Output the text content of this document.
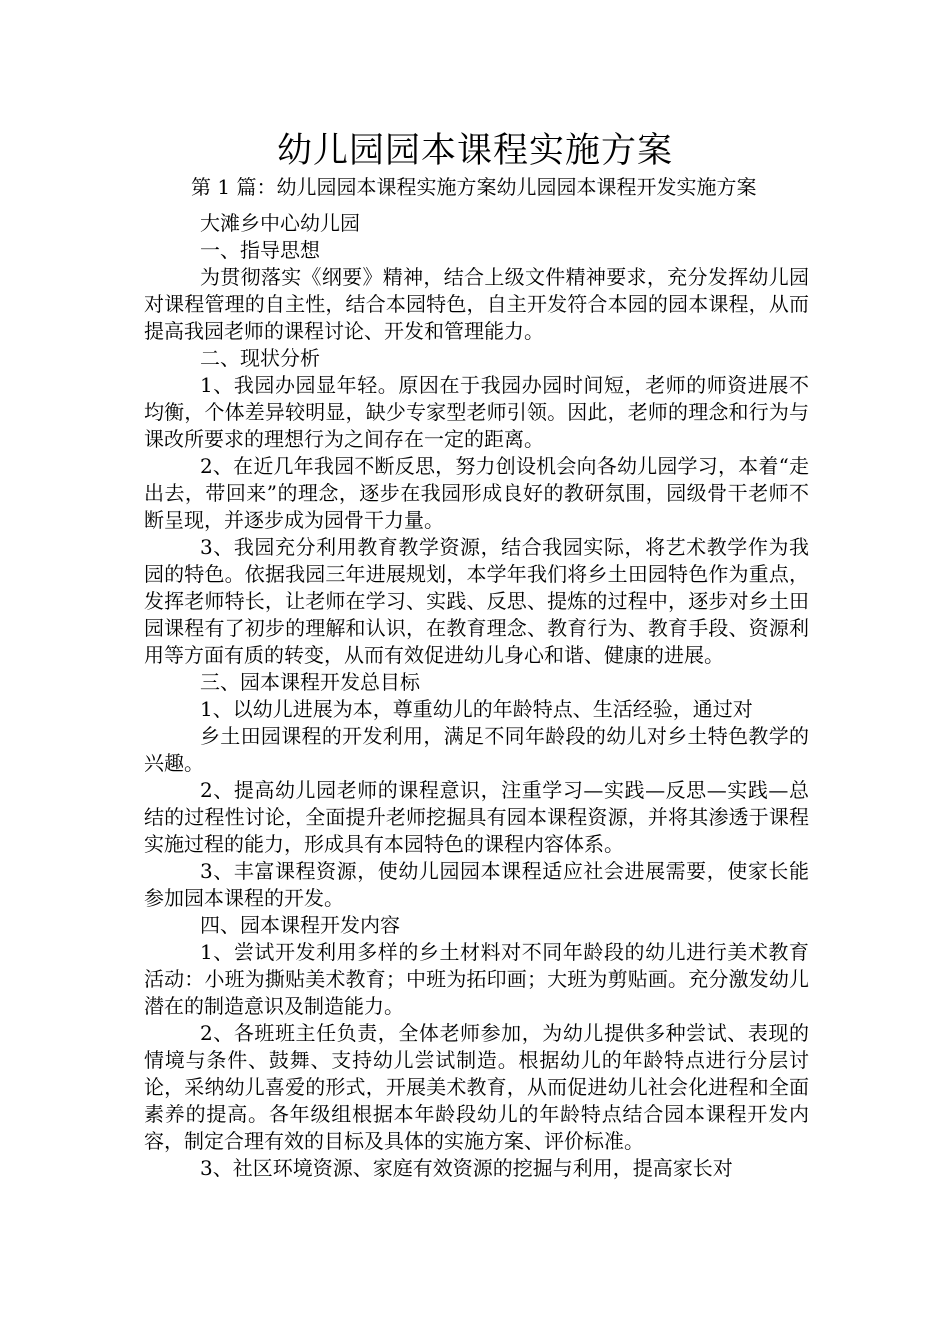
幼儿园园本课程实施方案

第 1 篇：幼儿园园本课程实施方案幼儿园园本课程开发实施方案

大滩乡中心幼儿园

一、指导思想

为贯彻落实《纲要》精神，结合上级文件精神要求，充分发挥幼儿园对课程管理的自主性，结合本园特色，自主开发符合本园的园本课程，从而提高我园老师的课程讨论、开发和管理能力。

二、现状分析

1、我园办园显年轻。原因在于我园办园时间短，老师的师资进展不均衡，个体差异较明显，缺少专家型老师引领。因此，老师的理念和行为与课改所要求的理想行为之间存在一定的距离。

2、在近几年我园不断反思，努力创设机会向各幼儿园学习，本着“走出去，带回来”的理念，逐步在我园形成良好的教研氛围，园级骨干老师不断呈现，并逐步成为园骨干力量。

3、我园充分利用教育教学资源，结合我园实际，将艺术教学作为我园的特色。依据我园三年进展规划，本学年我们将乡土田园特色作为重点，发挥老师特长，让老师在学习、实践、反思、提炼的过程中，逐步对乡土田园课程有了初步的理解和认识，在教育理念、教育行为、教育手段、资源利用等方面有质的转变，从而有效促进幼儿身心和谐、健康的进展。

三、园本课程开发总目标

1、以幼儿进展为本，尊重幼儿的年龄特点、生活经验，通过对

乡土田园课程的开发利用，满足不同年龄段的幼儿对乡土特色教学的兴趣。

2、提高幼儿园老师的课程意识，注重学习—实践—反思—实践—总结的过程性讨论，全面提升老师挖掘具有园本课程资源，并将其渗透于课程实施过程的能力，形成具有本园特色的课程内容体系。

3、丰富课程资源，使幼儿园园本课程适应社会进展需要，使家长能参加园本课程的开发。

四、园本课程开发内容

1、尝试开发利用多样的乡土材料对不同年龄段的幼儿进行美术教育活动：小班为撕贴美术教育；中班为拓印画；大班为剪贴画。充分激发幼儿潜在的制造意识及制造能力。

2、各班班主任负责，全体老师参加，为幼儿提供多种尝试、表现的情境与条件、鼓舞、支持幼儿尝试制造。根据幼儿的年龄特点进行分层讨论，采纳幼儿喜爱的形式，开展美术教育，从而促进幼儿社会化进程和全面素养的提高。各年级组根据本年龄段幼儿的年龄特点结合园本课程开发内容，制定合理有效的目标及具体的实施方案、评价标准。

3、社区环境资源、家庭有效资源的挖掘与利用，提高家长对
